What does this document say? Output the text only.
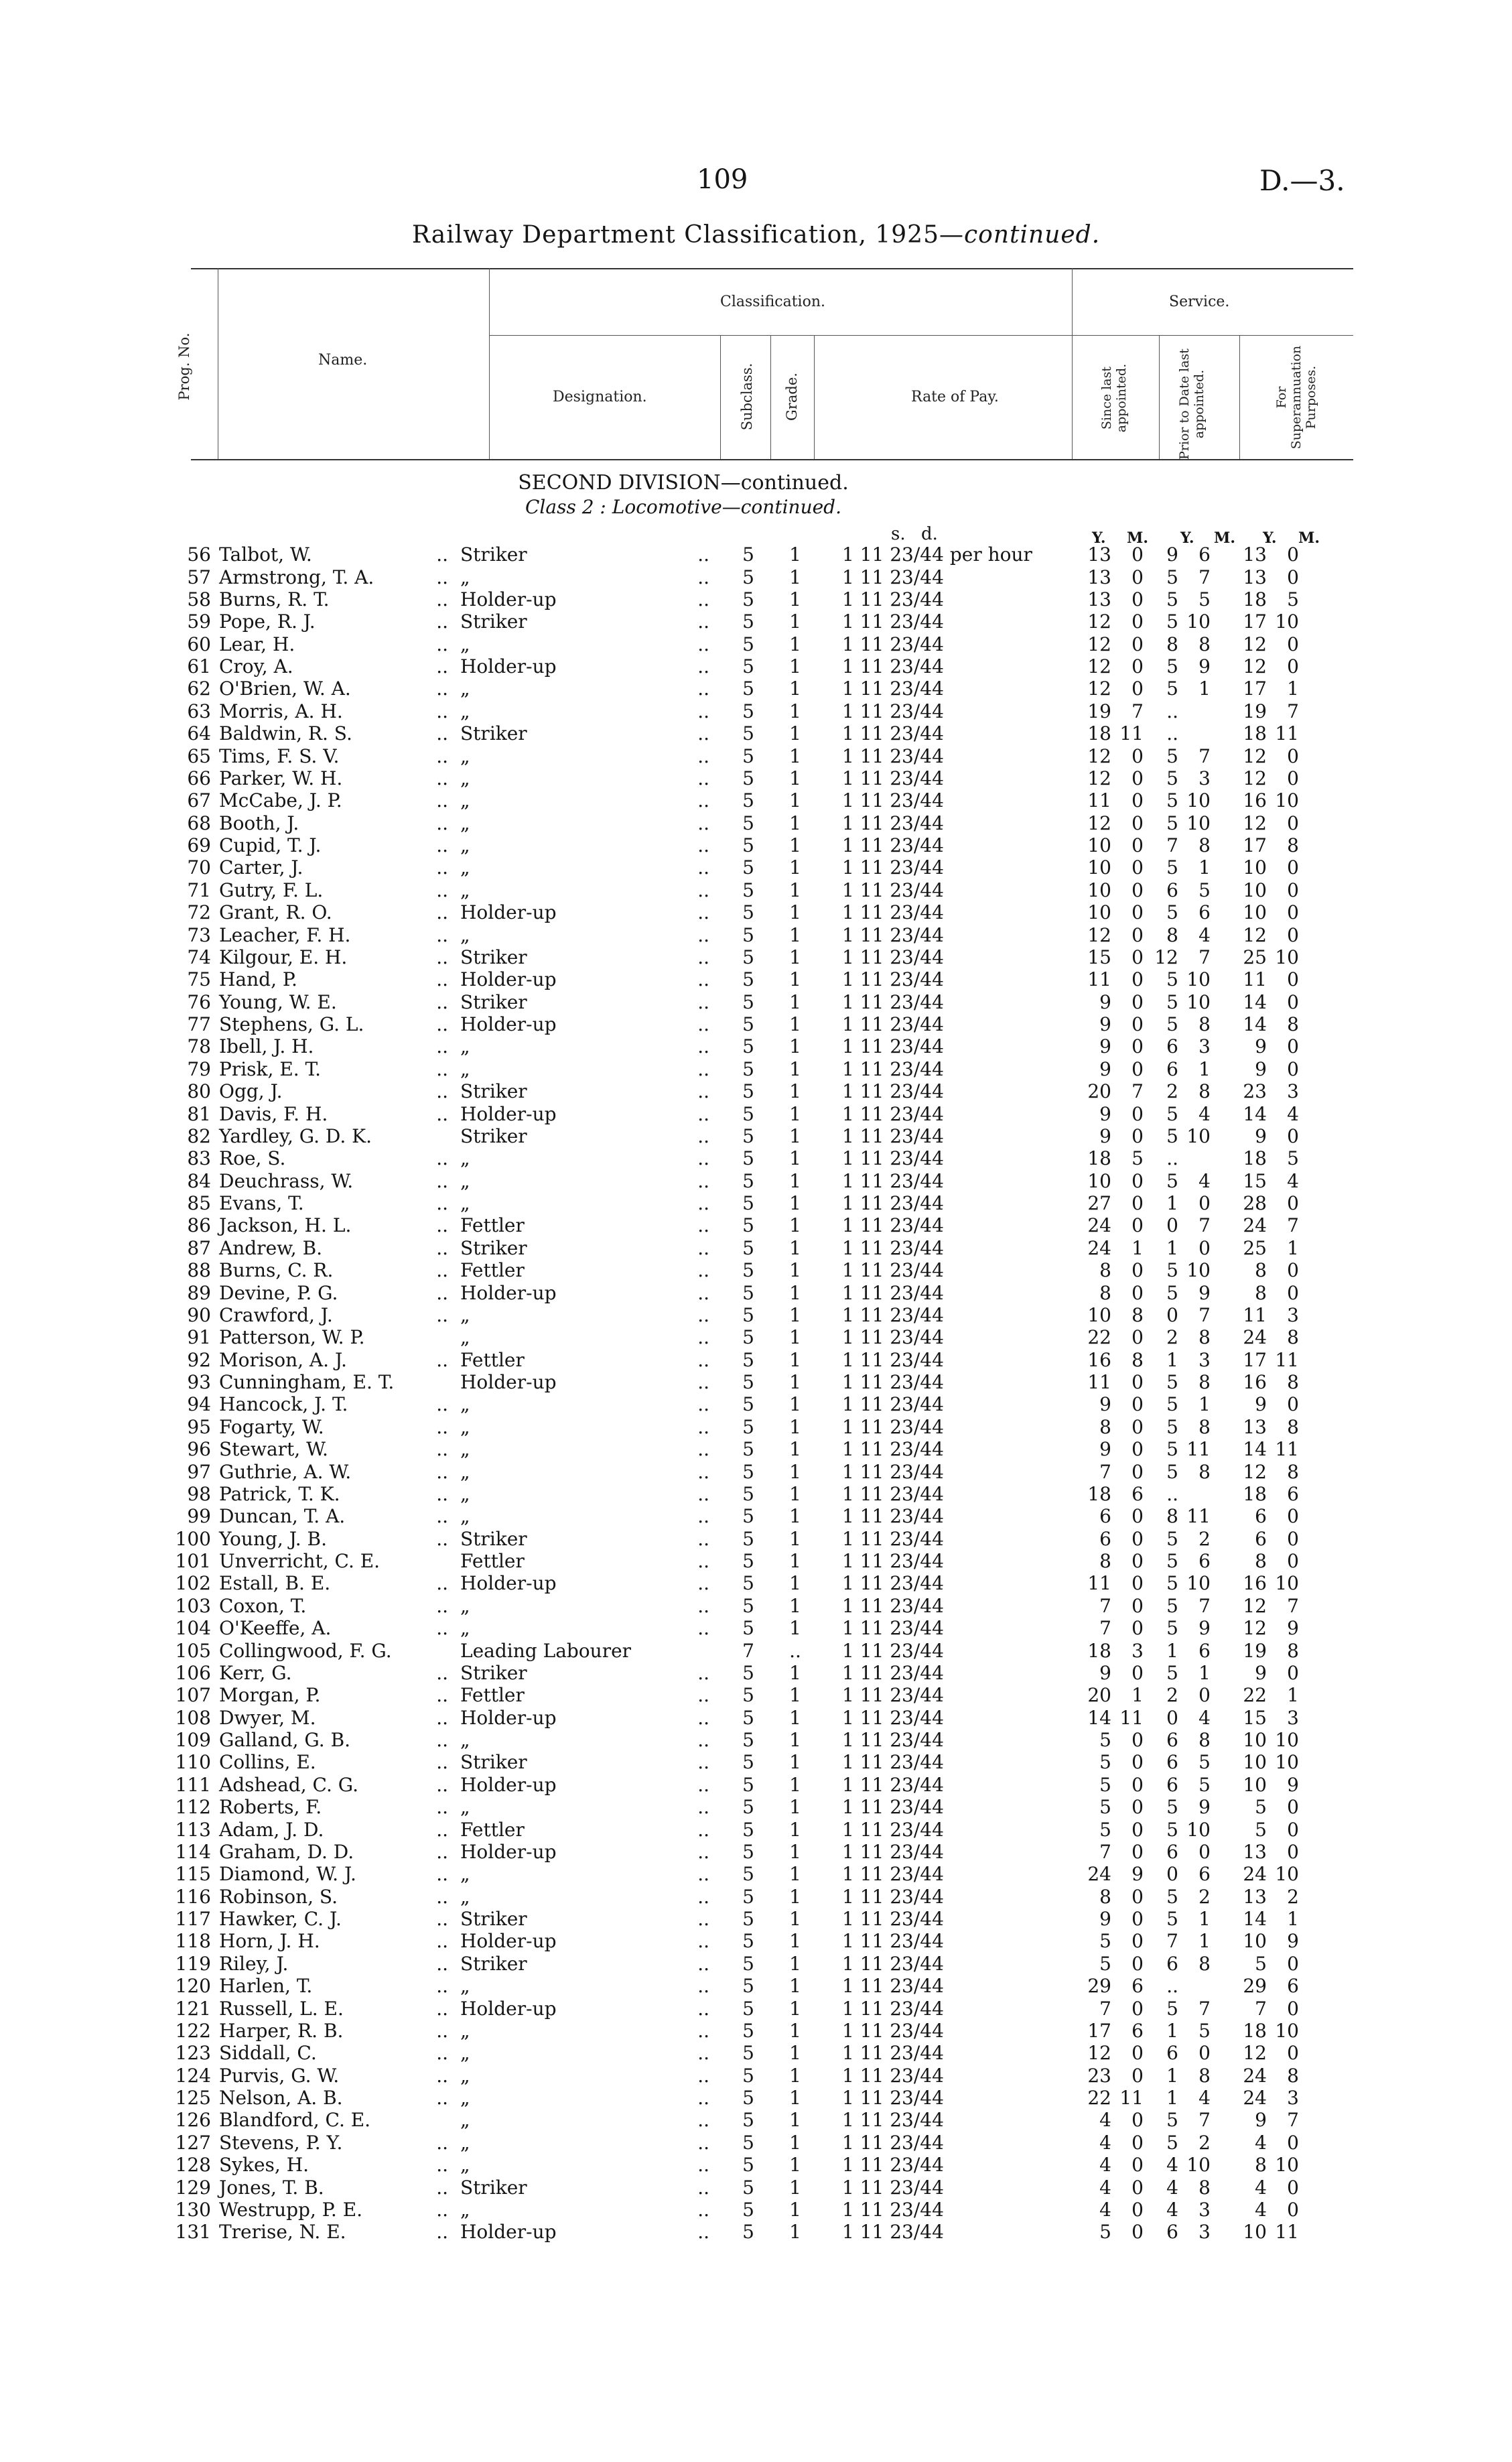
109	D.—3.
Railway Department Classification, 1925—continued.
Prog. No.	Name.
Classification.	Service.
Designation.	Subclass. Grade.	Rate of Pay.	Since last appointed.	Prior to Date last appointed.	For Superannuation Purposes.
SECOND DIVISION—continued.
Class 2 : Locomotive—continued.
s. d.	Y. M. Y. M. Y. M.
56	Talbot, W. ..	Striker ..	5	1	1 11 23/44 per hour	13	0	9	6	13	0
57	Armstrong, T. A. ..	„ ..	5	1	1 11 23/44	13	0	5	7	13	0
58	Burns, R. T. ..	Holder-up ..	5	1	1 11 23/44	13	0	5	5	18	5
59	Pope, R. J. ..	Striker ..	5	1	1 11 23/44	12	0	5	10	17	10
60	Lear, H. ..	„ ..	5	1	1 11 23/44	12	0	8	8	12	0
61	Croy, A. ..	Holder-up ..	5	1	1 11 23/44	12	0	5	9	12	0
62	O'Brien, W. A. ..	„ ..	5	1	1 11 23/44	12	0	5	1	17	1
63	Morris, A. H. ..	„ ..	5	1	1 11 23/44	19	7	..		19	7
64	Baldwin, R. S. ..	Striker ..	5	1	1 11 23/44	18	11	..		18	11
65	Tims, F. S. V. ..	„ ..	5	1	1 11 23/44	12	0	5	7	12	0
66	Parker, W. H. ..	„ ..	5	1	1 11 23/44	12	0	5	3	12	0
67	McCabe, J. P. ..	„ ..	5	1	1 11 23/44	11	0	5	10	16	10
68	Booth, J. ..	„ ..	5	1	1 11 23/44	12	0	5	10	12	0
69	Cupid, T. J. ..	„ ..	5	1	1 11 23/44	10	0	7	8	17	8
70	Carter, J. ..	„ ..	5	1	1 11 23/44	10	0	5	1	10	0
71	Gutry, F. L. ..	„ ..	5	1	1 11 23/44	10	0	6	5	10	0
72	Grant, R. O. ..	Holder-up ..	5	1	1 11 23/44	10	0	5	6	10	0
73	Leacher, F. H. ..	„ ..	5	1	1 11 23/44	12	0	8	4	12	0
74	Kilgour, E. H. ..	Striker ..	5	1	1 11 23/44	15	0	12	7	25	10
75	Hand, P. ..	Holder-up ..	5	1	1 11 23/44	11	0	5	10	11	0
76	Young, W. E. ..	Striker ..	5	1	1 11 23/44	9	0	5	10	14	0
77	Stephens, G. L. ..	Holder-up ..	5	1	1 11 23/44	9	0	5	8	14	8
78	Ibell, J. H. ..	„ ..	5	1	1 11 23/44	9	0	6	3	9	0
79	Prisk, E. T. ..	„ ..	5	1	1 11 23/44	9	0	6	1	9	0
80	Ogg, J. ..	Striker ..	5	1	1 11 23/44	20	7	2	8	23	3
81	Davis, F. H. ..	Holder-up ..	5	1	1 11 23/44	9	0	5	4	14	4
82	Yardley, G. D. K.	Striker ..	5	1	1 11 23/44	9	0	5	10	9	0
83	Roe, S. ..	„ ..	5	1	1 11 23/44	18	5	..		18	5
84	Deuchrass, W. ..	„ ..	5	1	1 11 23/44	10	0	5	4	15	4
85	Evans, T. ..	„ ..	5	1	1 11 23/44	27	0	1	0	28	0
86	Jackson, H. L. ..	Fettler ..	5	1	1 11 23/44	24	0	0	7	24	7
87	Andrew, B. ..	Striker ..	5	1	1 11 23/44	24	1	1	0	25	1
88	Burns, C. R. ..	Fettler ..	5	1	1 11 23/44	8	0	5	10	8	0
89	Devine, P. G. ..	Holder-up ..	5	1	1 11 23/44	8	0	5	9	8	0
90	Crawford, J. ..	„ ..	5	1	1 11 23/44	10	8	0	7	11	3
91	Patterson, W. P.	„ ..	5	1	1 11 23/44	22	0	2	8	24	8
92	Morison, A. J. ..	Fettler ..	5	1	1 11 23/44	16	8	1	3	17	11
93	Cunningham, E. T.	Holder-up ..	5	1	1 11 23/44	11	0	5	8	16	8
94	Hancock, J. T. ..	„ ..	5	1	1 11 23/44	9	0	5	1	9	0
95	Fogarty, W. ..	„ ..	5	1	1 11 23/44	8	0	5	8	13	8
96	Stewart, W. ..	„ ..	5	1	1 11 23/44	9	0	5	11	14	11
97	Guthrie, A. W. ..	„ ..	5	1	1 11 23/44	7	0	5	8	12	8
98	Patrick, T. K. ..	„ ..	5	1	1 11 23/44	18	6	..		18	6
99	Duncan, T. A. ..	„ ..	5	1	1 11 23/44	6	0	8	11	6	0
100	Young, J. B. ..	Striker ..	5	1	1 11 23/44	6	0	5	2	6	0
101	Unverricht, C. E.	Fettler ..	5	1	1 11 23/44	8	0	5	6	8	0
102	Estall, B. E. ..	Holder-up ..	5	1	1 11 23/44	11	0	5	10	16	10
103	Coxon, T. ..	„ ..	5	1	1 11 23/44	7	0	5	7	12	7
104	O'Keeffe, A. ..	„ ..	5	1	1 11 23/44	7	0	5	9	12	9
105	Collingwood, F. G.	Leading Labourer	7	..	1 11 23/44	18	3	1	6	19	8
106	Kerr, G. ..	Striker ..	5	1	1 11 23/44	9	0	5	1	9	0
107	Morgan, P. ..	Fettler ..	5	1	1 11 23/44	20	1	2	0	22	1
108	Dwyer, M. ..	Holder-up ..	5	1	1 11 23/44	14	11	0	4	15	3
109	Galland, G. B. ..	„ ..	5	1	1 11 23/44	5	0	6	8	10	10
110	Collins, E. ..	Striker ..	5	1	1 11 23/44	5	0	6	5	10	10
111	Adshead, C. G. ..	Holder-up ..	5	1	1 11 23/44	5	0	6	5	10	9
112	Roberts, F. ..	„ ..	5	1	1 11 23/44	5	0	5	9	5	0
113	Adam, J. D. ..	Fettler ..	5	1	1 11 23/44	5	0	5	10	5	0
114	Graham, D. D. ..	Holder-up ..	5	1	1 11 23/44	7	0	6	0	13	0
115	Diamond, W. J. ..	„ ..	5	1	1 11 23/44	24	9	0	6	24	10
116	Robinson, S. ..	„ ..	5	1	1 11 23/44	8	0	5	2	13	2
117	Hawker, C. J. ..	Striker ..	5	1	1 11 23/44	9	0	5	1	14	1
118	Horn, J. H. ..	Holder-up ..	5	1	1 11 23/44	5	0	7	1	10	9
119	Riley, J. ..	Striker ..	5	1	1 11 23/44	5	0	6	8	5	0
120	Harlen, T. ..	„ ..	5	1	1 11 23/44	29	6	..		29	6
121	Russell, L. E. ..	Holder-up ..	5	1	1 11 23/44	7	0	5	7	7	0
122	Harper, R. B. ..	„ ..	5	1	1 11 23/44	17	6	1	5	18	10
123	Siddall, C. ..	„ ..	5	1	1 11 23/44	12	0	6	0	12	0
124	Purvis, G. W. ..	„ ..	5	1	1 11 23/44	23	0	1	8	24	8
125	Nelson, A. B. ..	„ ..	5	1	1 11 23/44	22	11	1	4	24	3
126	Blandford, C. E.	„ ..	5	1	1 11 23/44	4	0	5	7	9	7
127	Stevens, P. Y. ..	„ ..	5	1	1 11 23/44	4	0	5	2	4	0
128	Sykes, H. ..	„ ..	5	1	1 11 23/44	4	0	4	10	8	10
129	Jones, T. B. ..	Striker ..	5	1	1 11 23/44	4	0	4	8	4	0
130	Westrupp, P. E. ..	„ ..	5	1	1 11 23/44	4	0	4	3	4	0
131	Trerise, N. E. ..	Holder-up ..	5	1	1 11 23/44	5	0	6	3	10	11
